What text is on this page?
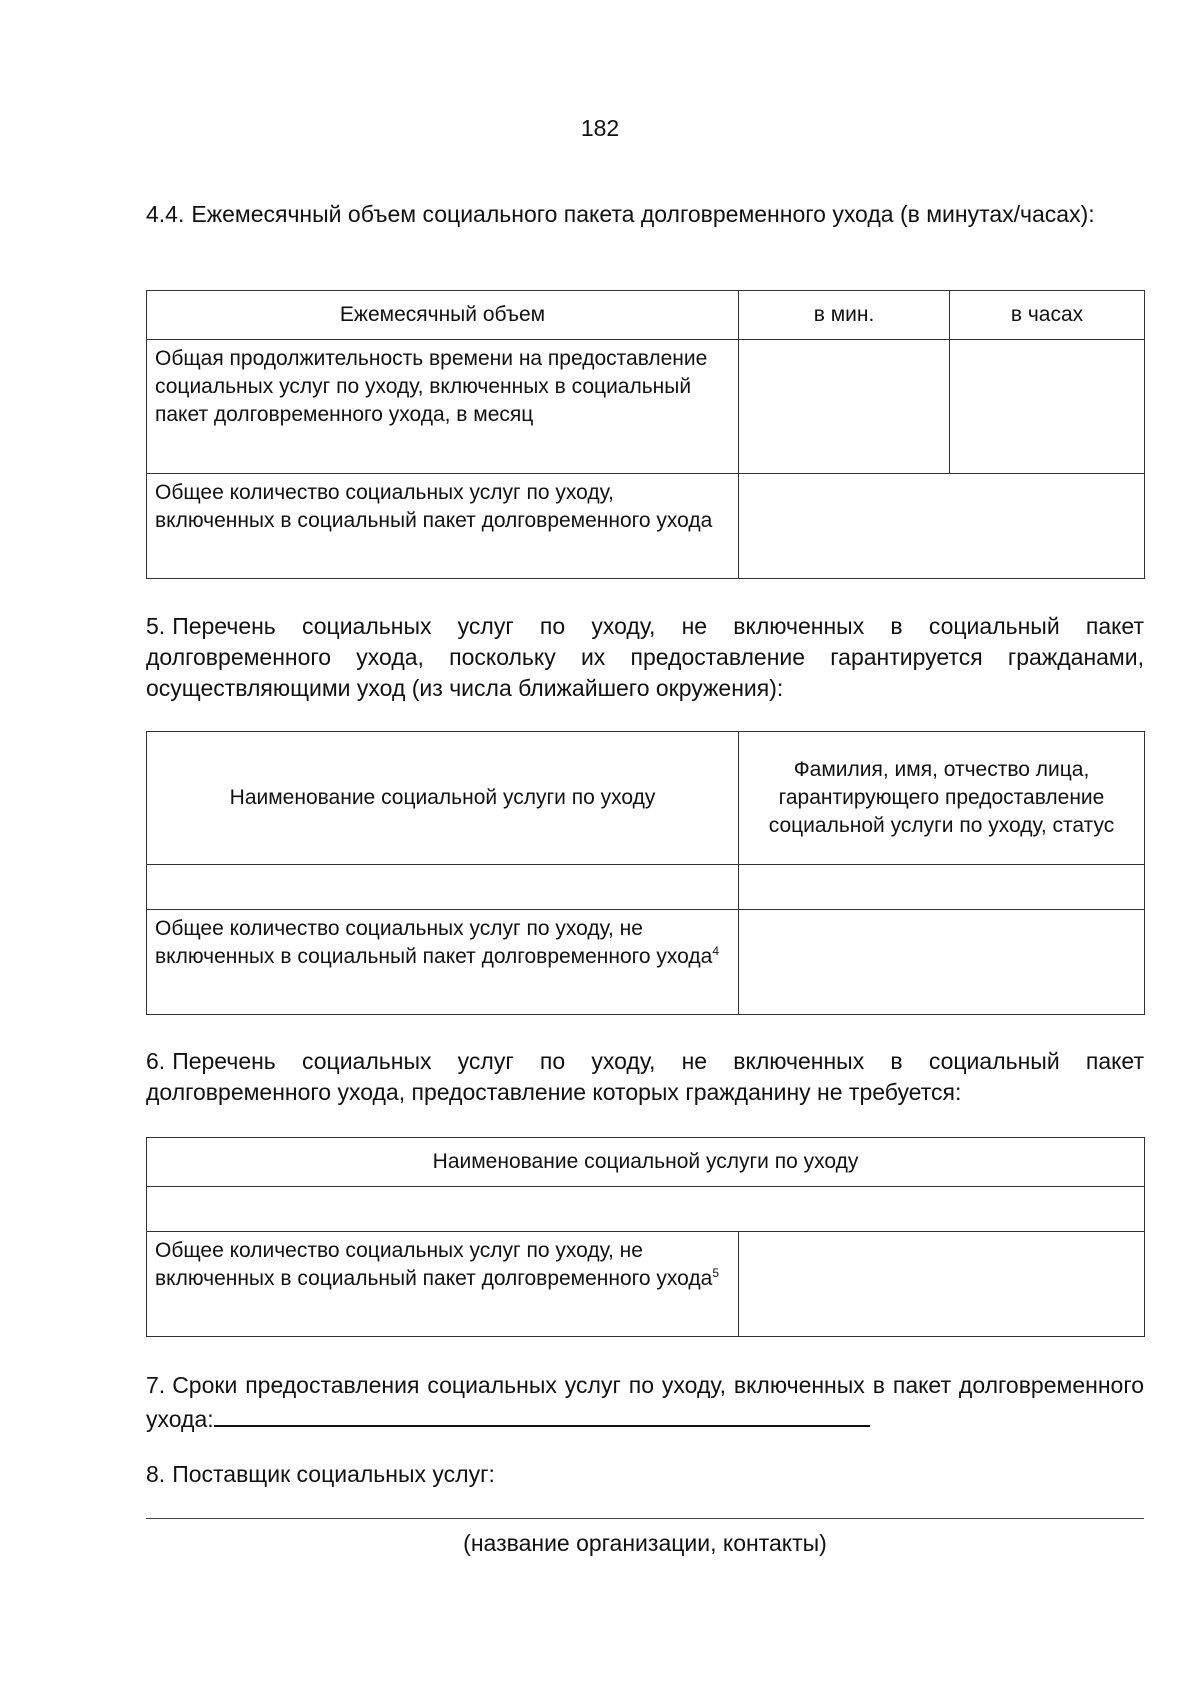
182
4.4. Ежемесячный объем социального пакета долговременного ухода (в минутах/часах):
Ежемесячный объем	в мин.	в часах
Общая продолжительность времени на предоставление социальных услуг по уходу, включенных в социальный пакет долговременного ухода, в месяц		
Общее количество социальных услуг по уходу, включенных в социальный пакет долговременного ухода		
5. Перечень социальных услуг по уходу, не включенных в социальный пакет долговременного ухода, поскольку их предоставление гарантируется гражданами, осуществляющими уход (из числа ближайшего окружения):
Наименование социальной услуги по уходу	Фамилия, имя, отчество лица, гарантирующего предоставление социальной услуги по уходу, статус

Общее количество социальных услуг по уходу, не включенных в социальный пакет долговременного ухода$^4$	
6. Перечень социальных услуг по уходу, не включенных в социальный пакет долговременного ухода, предоставление которых гражданину не требуется:
Наименование социальной услуги по уходу

Общее количество социальных услуг по уходу, не включенных в социальный пакет долговременного ухода$^5$	
7. Сроки предоставления социальных услуг по уходу, включенных в пакет долговременного ухода:
8. Поставщик социальных услуг:
(название организации, контакты)
